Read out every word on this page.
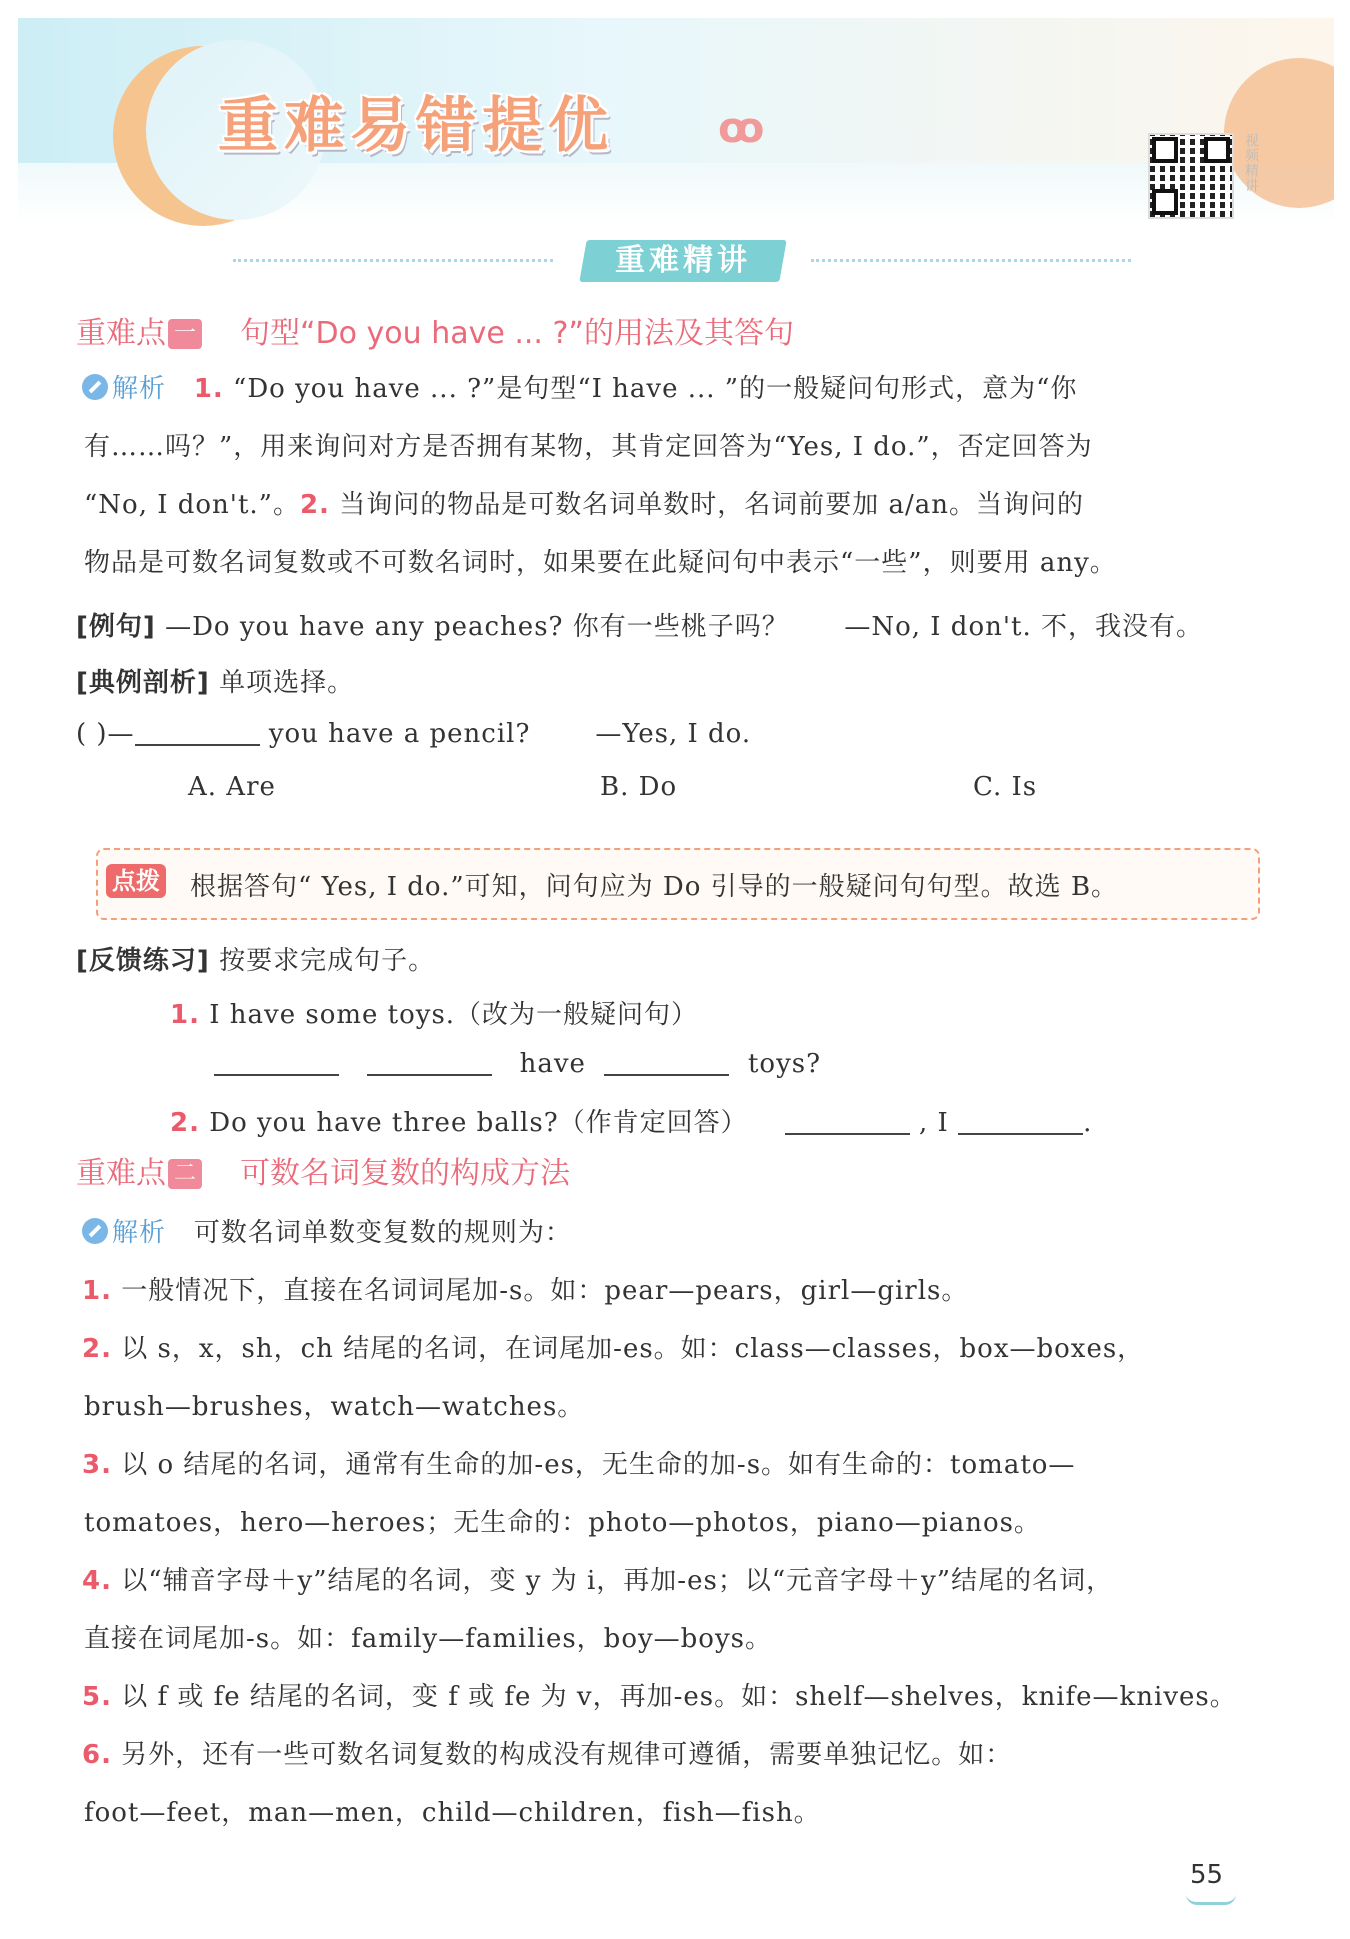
重难易错提优 ꝏ
视频精讲
重难精讲
重难点 一 句型“Do you have ... ?”的用法及其答句
解析 1. “Do you have ... ?”是句型“I have ... ”的一般疑问句形式，意为“你
有……吗？”，用来询问对方是否拥有某物，其肯定回答为“Yes, I do.”，否定回答为
“No, I don't.”。2. 当询问的物品是可数名词单数时，名词前要加 a/an。当询问的
物品是可数名词复数或不可数名词时，如果要在此疑问句中表示“一些”，则要用 any。
[例句] —Do you have any peaches? 你有一些桃子吗？ —No, I don't. 不，我没有。
[典例剖析] 单项选择。
( )—	you have a pencil? —Yes, I do.
A. Are	B. Do	C. Is
点拨 根据答句“ Yes, I do.”可知，问句应为 Do 引导的一般疑问句句型。故选 B。
[反馈练习] 按要求完成句子。
1. I have some toys.（改为一般疑问句）
have	toys?
2. Do you have three balls?（作肯定回答）	, I	.
重难点 二 可数名词复数的构成方法
解析 可数名词单数变复数的规则为：
1. 一般情况下，直接在名词词尾加-s。如：pear—pears，girl—girls。
2. 以 s，x，sh，ch 结尾的名词，在词尾加-es。如：class—classes，box—boxes，
brush—brushes，watch—watches。
3. 以 o 结尾的名词，通常有生命的加-es，无生命的加-s。如有生命的：tomato—
tomatoes，hero—heroes；无生命的：photo—photos，piano—pianos。
4. 以“辅音字母＋y”结尾的名词，变 y 为 i，再加-es；以“元音字母＋y”结尾的名词，
直接在词尾加-s。如：family—families，boy—boys。
5. 以 f 或 fe 结尾的名词，变 f 或 fe 为 v，再加-es。如：shelf—shelves，knife—knives。
6. 另外，还有一些可数名词复数的构成没有规律可遵循，需要单独记忆。如：
foot—feet，man—men，child—children，fish—fish。
55
